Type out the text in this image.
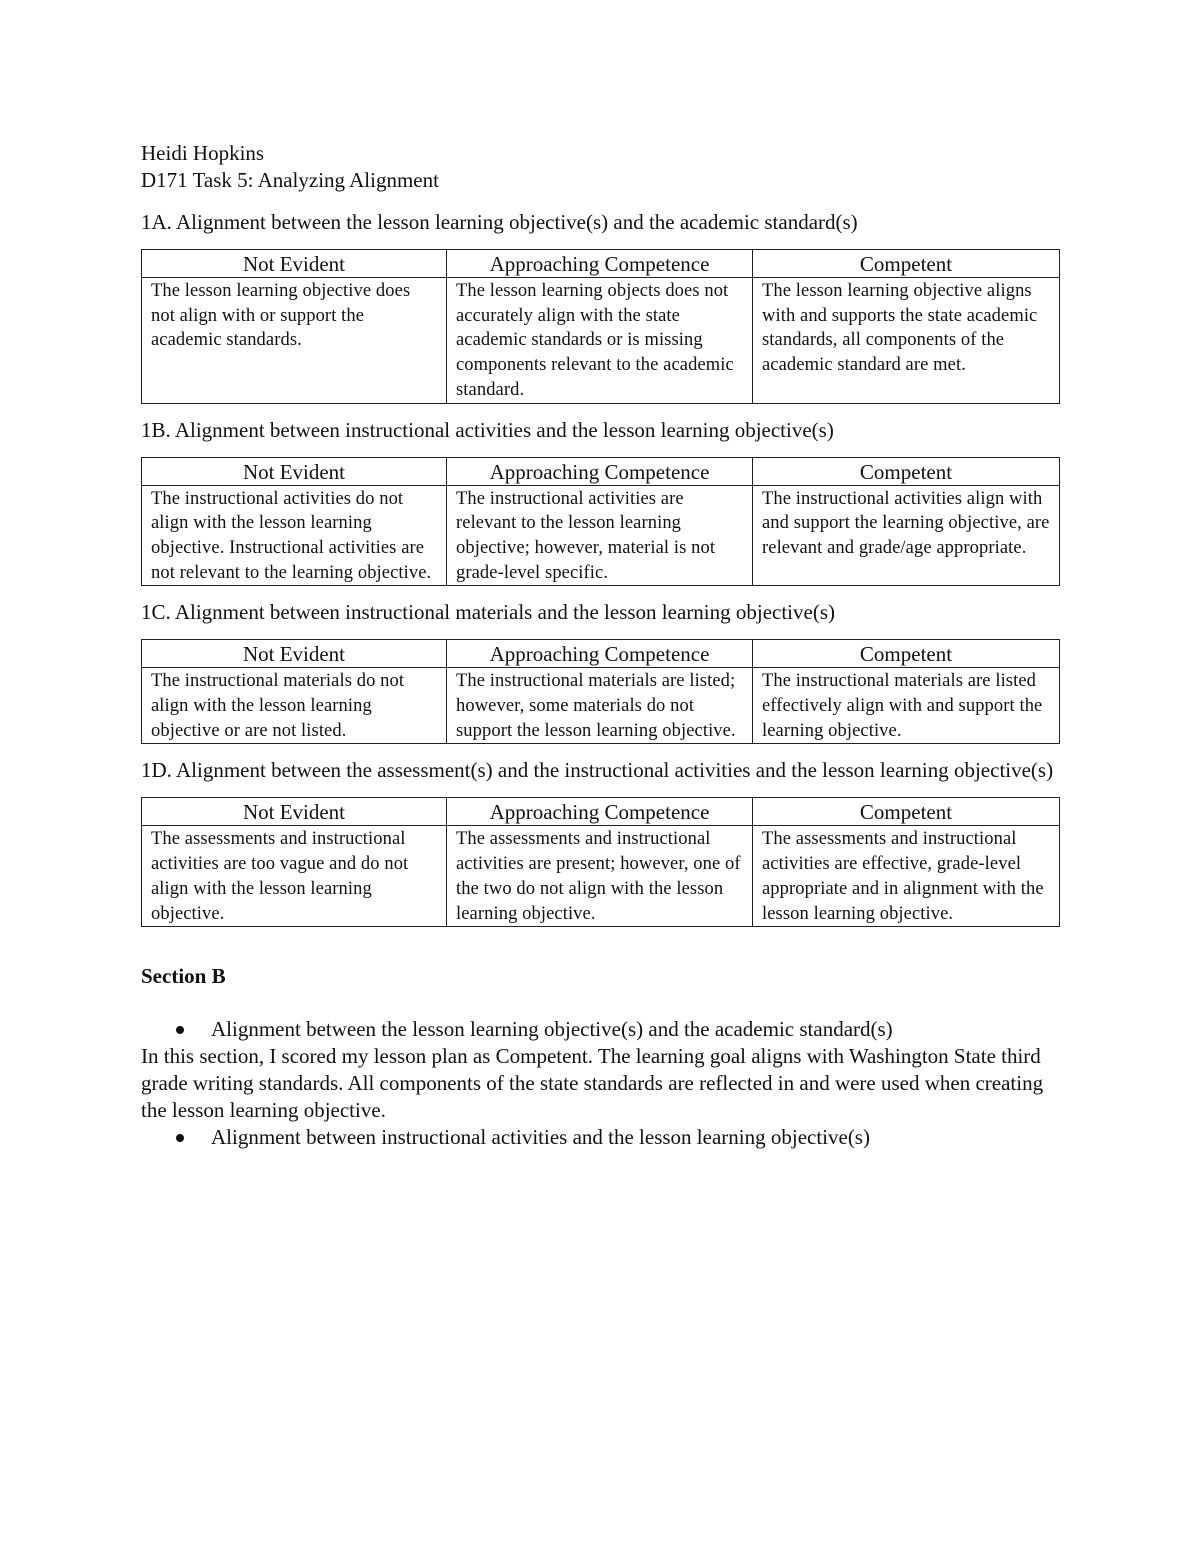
Heidi Hopkins

D171 Task 5: Analyzing Alignment

1A. Alignment between the lesson learning objective(s) and the academic standard(s)

Not Evident	Approaching Competence	Competent
The lesson learning objective does not align with or support the academic standards.	The lesson learning objects does not accurately align with the state academic standards or is missing components relevant to the academic standard.	The lesson learning objective aligns with and supports the state academic standards, all components of the academic standard are met.

1B. Alignment between instructional activities and the lesson learning objective(s)

Not Evident	Approaching Competence	Competent
The instructional activities do not align with the lesson learning objective. Instructional activities are not relevant to the learning objective.	The instructional activities are relevant to the lesson learning objective; however, material is not grade-level specific.	The instructional activities align with and support the learning objective, are relevant and grade/age appropriate.

1C. Alignment between instructional materials and the lesson learning objective(s)

Not Evident	Approaching Competence	Competent
The instructional materials do not align with the lesson learning objective or are not listed.	The instructional materials are listed; however, some materials do not support the lesson learning objective.	The instructional materials are listed effectively align with and support the learning objective.

1D. Alignment between the assessment(s) and the instructional activities and the lesson learning objective(s)

Not Evident	Approaching Competence	Competent
The assessments and instructional activities are too vague and do not align with the lesson learning objective.	The assessments and instructional activities are present; however, one of the two do not align with the lesson learning objective.	The assessments and instructional activities are effective, grade-level appropriate and in alignment with the lesson learning objective.

Section B

Alignment between the lesson learning objective(s) and the academic standard(s)

In this section, I scored my lesson plan as Competent. The learning goal aligns with Washington State third grade writing standards. All components of the state standards are reflected in and were used when creating the lesson learning objective.

Alignment between instructional activities and the lesson learning objective(s)
